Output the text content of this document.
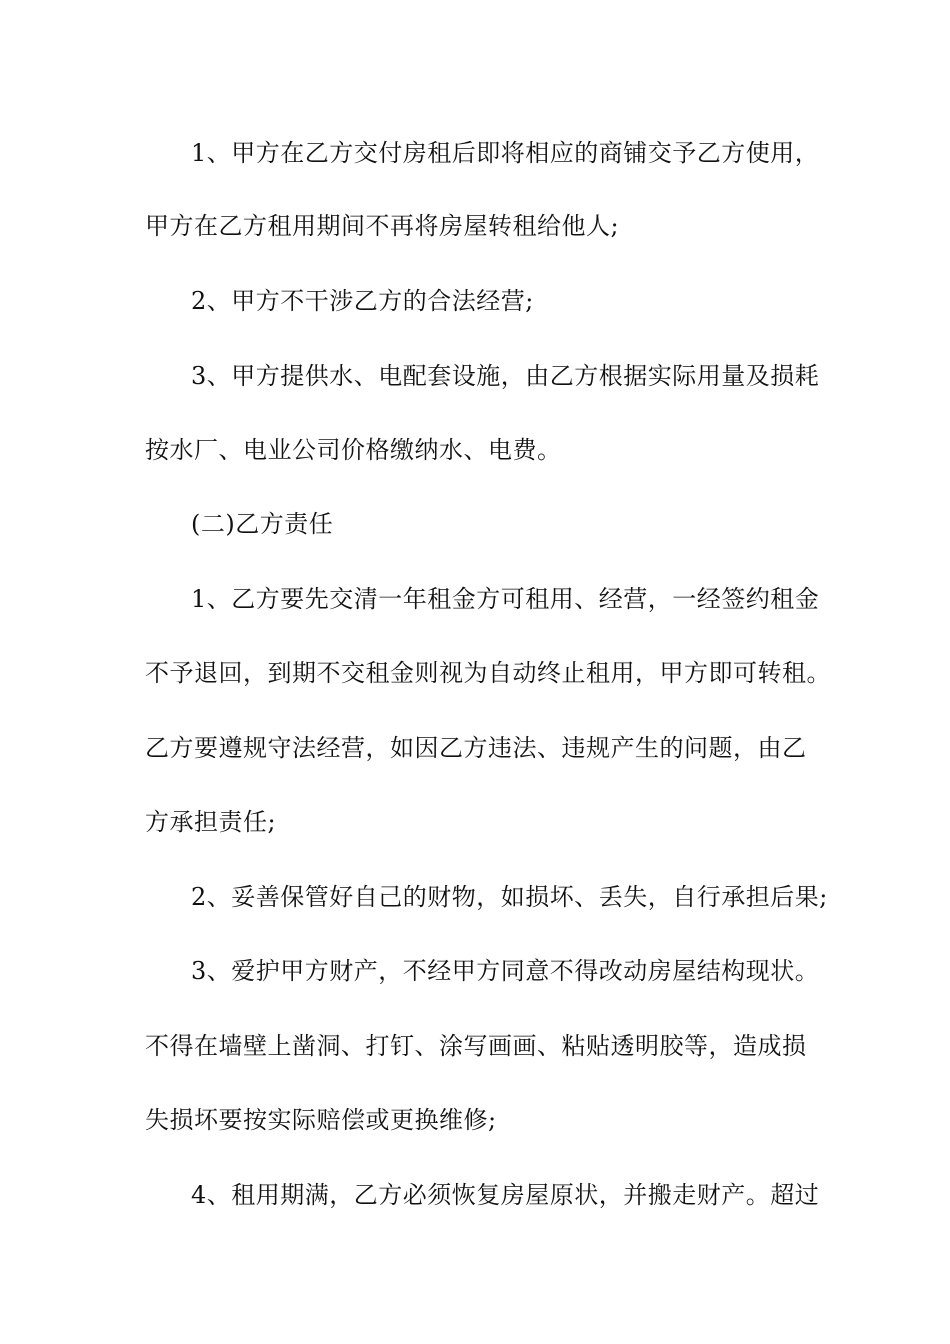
1、甲方在乙方交付房租后即将相应的商铺交予乙方使用，
甲方在乙方租用期间不再将房屋转租给他人;
2、甲方不干涉乙方的合法经营;
3、甲方提供水、电配套设施，由乙方根据实际用量及损耗
按水厂、电业公司价格缴纳水、电费。
(二)乙方责任
1、乙方要先交清一年租金方可租用、经营，一经签约租金
不予退回，到期不交租金则视为自动终止租用，甲方即可转租。
乙方要遵规守法经营，如因乙方违法、违规产生的问题，由乙
方承担责任;
2、妥善保管好自己的财物，如损坏、丢失，自行承担后果;
3、爱护甲方财产，不经甲方同意不得改动房屋结构现状。
不得在墙壁上凿洞、打钉、涂写画画、粘贴透明胶等，造成损
失损坏要按实际赔偿或更换维修;
4、租用期满，乙方必须恢复房屋原状，并搬走财产。超过
